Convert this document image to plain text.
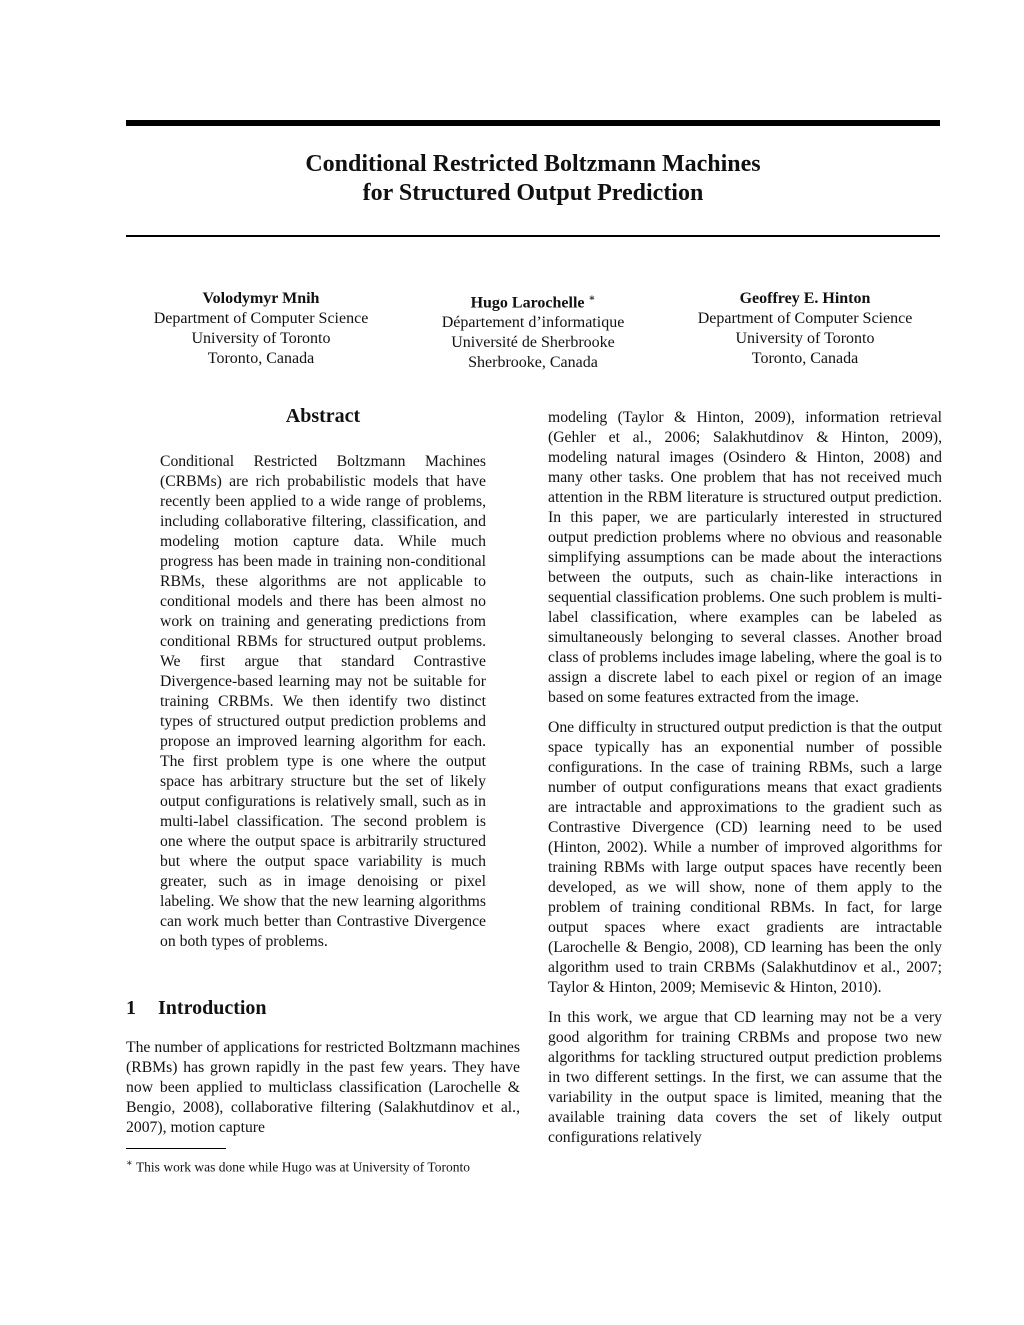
Conditional Restricted Boltzmann Machines
for Structured Output Prediction
Volodymyr Mnih
Department of Computer Science
University of Toronto
Toronto, Canada
Hugo Larochelle ∗
Département d’informatique
Université de Sherbrooke
Sherbrooke, Canada
Geoffrey E. Hinton
Department of Computer Science
University of Toronto
Toronto, Canada
Abstract
Conditional Restricted Boltzmann Machines (CRBMs) are rich probabilistic models that have recently been applied to a wide range of problems, including collaborative filtering, classification, and modeling motion capture data. While much progress has been made in training non-conditional RBMs, these algorithms are not applicable to conditional models and there has been almost no work on training and generating predictions from conditional RBMs for structured output problems. We first argue that standard Contrastive Divergence-based learning may not be suitable for training CRBMs. We then identify two distinct types of structured output prediction problems and propose an improved learning algorithm for each. The first problem type is one where the output space has arbitrary structure but the set of likely output configurations is relatively small, such as in multi-label classification. The second problem is one where the output space is arbitrarily structured but where the output space variability is much greater, such as in image denoising or pixel labeling. We show that the new learning algorithms can work much better than Contrastive Divergence on both types of problems.
1 Introduction
The number of applications for restricted Boltzmann machines (RBMs) has grown rapidly in the past few years. They have now been applied to multiclass classification (Larochelle & Bengio, 2008), collaborative filtering (Salakhutdinov et al., 2007), motion capture
∗ This work was done while Hugo was at University of Toronto
modeling (Taylor & Hinton, 2009), information retrieval (Gehler et al., 2006; Salakhutdinov & Hinton, 2009), modeling natural images (Osindero & Hinton, 2008) and many other tasks. One problem that has not received much attention in the RBM literature is structured output prediction. In this paper, we are particularly interested in structured output prediction problems where no obvious and reasonable simplifying assumptions can be made about the interactions between the outputs, such as chain-like interactions in sequential classification problems. One such problem is multi-label classification, where examples can be labeled as simultaneously belonging to several classes. Another broad class of problems includes image labeling, where the goal is to assign a discrete label to each pixel or region of an image based on some features extracted from the image.
One difficulty in structured output prediction is that the output space typically has an exponential number of possible configurations. In the case of training RBMs, such a large number of output configurations means that exact gradients are intractable and approximations to the gradient such as Contrastive Divergence (CD) learning need to be used (Hinton, 2002). While a number of improved algorithms for training RBMs with large output spaces have recently been developed, as we will show, none of them apply to the problem of training conditional RBMs. In fact, for large output spaces where exact gradients are intractable (Larochelle & Bengio, 2008), CD learning has been the only algorithm used to train CRBMs (Salakhutdinov et al., 2007; Taylor & Hinton, 2009; Memisevic & Hinton, 2010).
In this work, we argue that CD learning may not be a very good algorithm for training CRBMs and propose two new algorithms for tackling structured output prediction problems in two different settings. In the first, we can assume that the variability in the output space is limited, meaning that the available training data covers the set of likely output configurations relatively
